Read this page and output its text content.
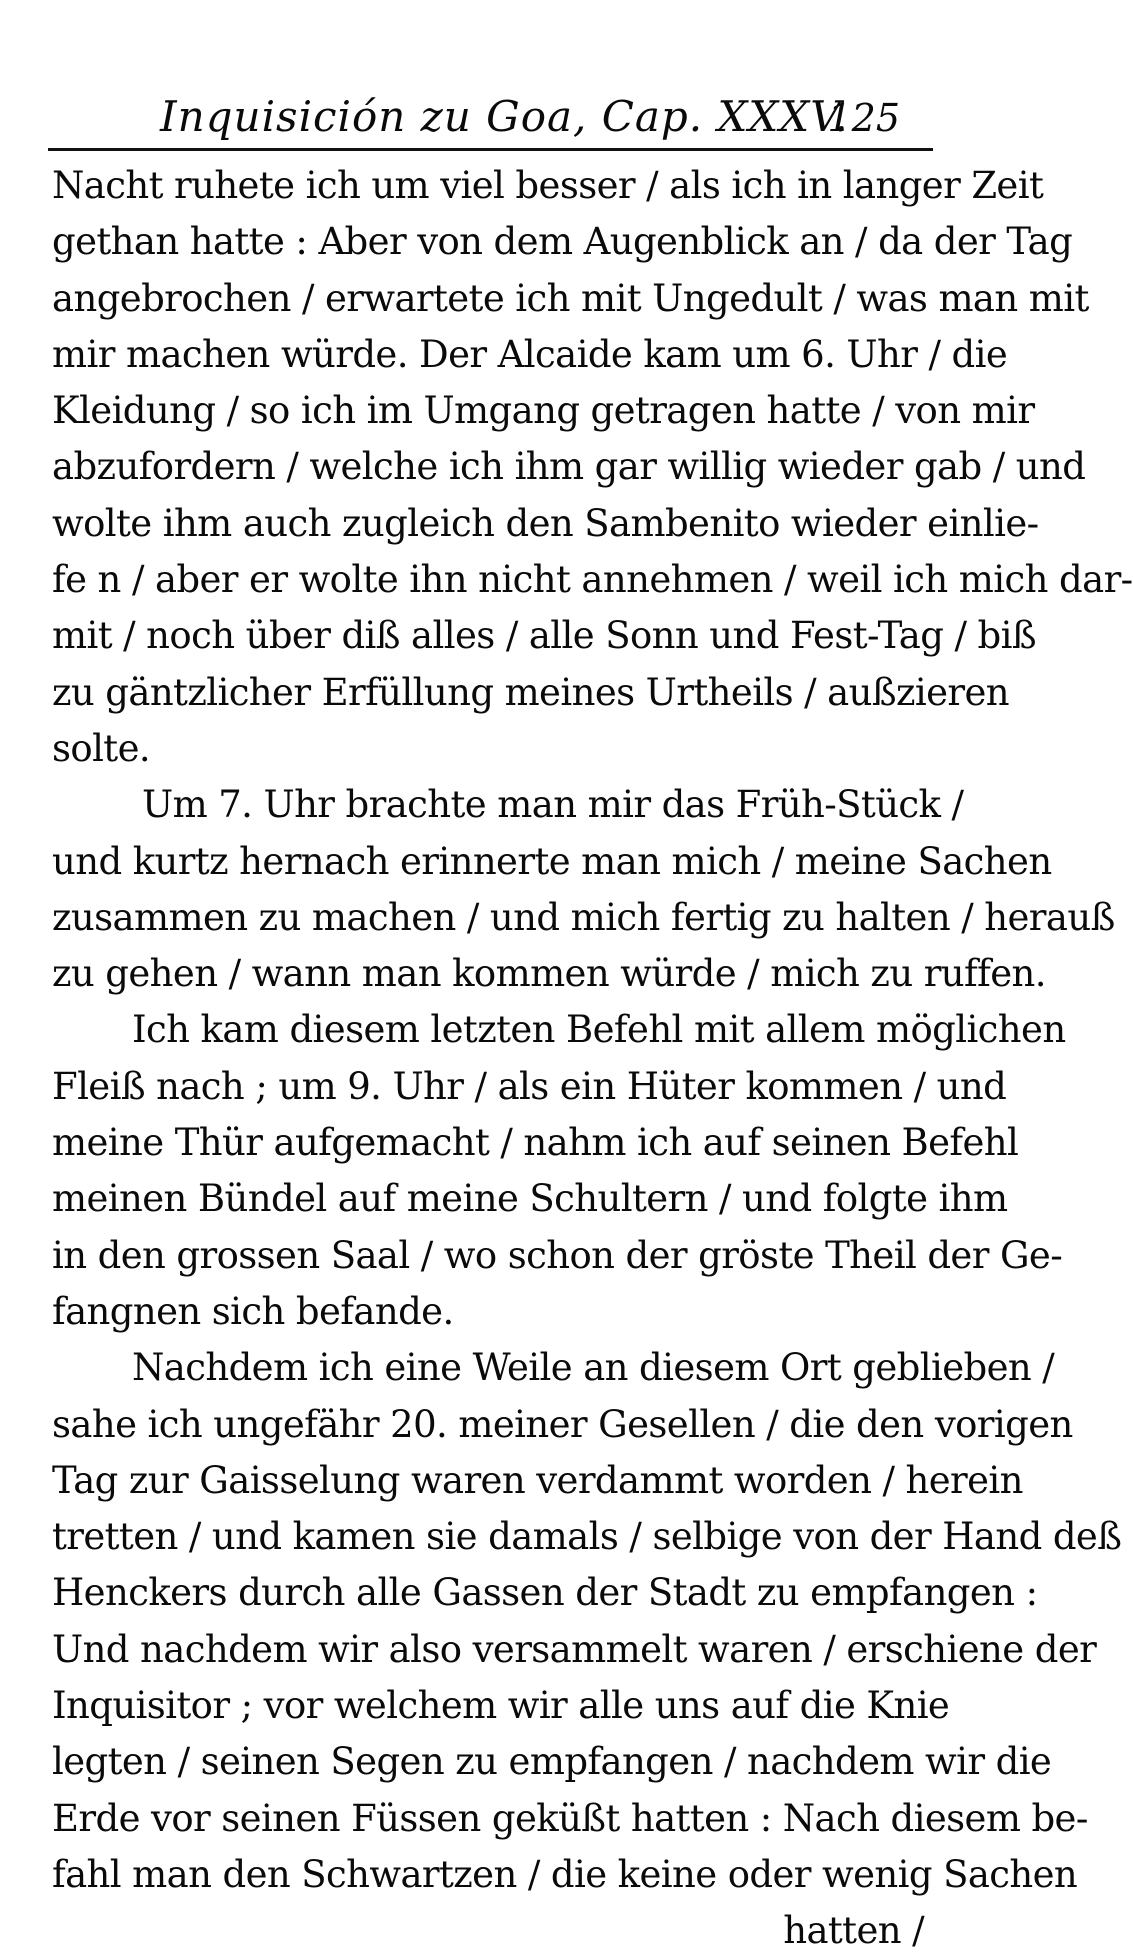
Inquisición zu Goa, Cap. XXXV.
125
Nacht ruhete ich um viel besser / als ich in langer Zeit
gethan hatte : Aber von dem Augenblick an / da der Tag
angebrochen / erwartete ich mit Ungedult / was man mit
mir machen würde. Der Alcaide kam um 6. Uhr / die
Kleidung / so ich im Umgang getragen hatte / von mir
abzufordern / welche ich ihm gar willig wieder gab / und
wolte ihm auch zugleich den Sambenito wieder einlie-
fe n / aber er wolte ihn nicht annehmen / weil ich mich dar-
mit / noch über diß alles / alle Sonn und Fest-Tag / biß
zu gäntzlicher Erfüllung meines Urtheils / außzieren
solte.
Um 7. Uhr brachte man mir das Früh-Stück /
und kurtz hernach erinnerte man mich / meine Sachen
zusammen zu machen / und mich fertig zu halten / herauß
zu gehen / wann man kommen würde / mich zu ruffen.
Ich kam diesem letzten Befehl mit allem möglichen
Fleiß nach ; um 9. Uhr / als ein Hüter kommen / und
meine Thür aufgemacht / nahm ich auf seinen Befehl
meinen Bündel auf meine Schultern / und folgte ihm
in den grossen Saal / wo schon der gröste Theil der Ge-
fangnen sich befande.
Nachdem ich eine Weile an diesem Ort geblieben /
sahe ich ungefähr 20. meiner Gesellen / die den vorigen
Tag zur Gaisselung waren verdammt worden / herein
tretten / und kamen sie damals / selbige von der Hand deß
Henckers durch alle Gassen der Stadt zu empfangen :
Und nachdem wir also versammelt waren / erschiene der
Inquisitor ; vor welchem wir alle uns auf die Knie
legten / seinen Segen zu empfangen / nachdem wir die
Erde vor seinen Füssen geküßt hatten : Nach diesem be-
fahl man den Schwartzen / die keine oder wenig Sachen
hatten /
